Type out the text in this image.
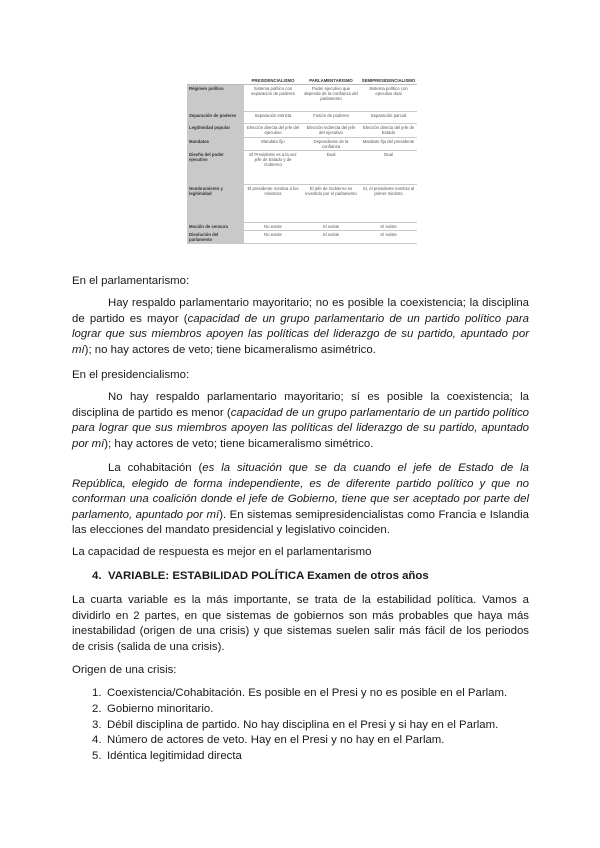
	PRESIDENCIALISMO	PARLAMENTARISMO	SEMIPRESIDENCIALISMO
Régimen político	Sistema político con separación de poderes	Poder ejecutivo que depende de la confianza del parlamento	Sistema político con ejecutivo dual
Separación de poderes	Separación estricta	Fusión de poderes	Separación parcial
Legitimidad popular	Elección directa del jefe del ejecutivo	Elección indirecta del jefe del ejecutivo	Elección directa del jefe de Estado
Mandatos	Mandato fijo	Dependiente de la confianza	Mandato fijo del presidente
Diseño del poder ejecutivo	El Presidente es a la vez jefe de Estado y de Gobierno	Dual	Dual
Nombramiento y legitimidad	El presidente nombra a los ministros	El jefe de Gobierno es investido por el parlamento	Sí, el presidente nombra al primer ministro
Moción de censura	No existe	Sí existe	Sí existe
Disolución del parlamento	No existe	Sí existe	Sí existe

En el parlamentarismo:

Hay respaldo parlamentario mayoritario; no es posible la coexistencia; la disciplina de partido es mayor (capacidad de un grupo parlamentario de un partido político para lograr que sus miembros apoyen las políticas del liderazgo de su partido, apuntado por mí); no hay actores de veto; tiene bicameralismo asimétrico.

En el presidencialismo:

No hay respaldo parlamentario mayoritario; sí es posible la coexistencia; la disciplina de partido es menor (capacidad de un grupo parlamentario de un partido político para lograr que sus miembros apoyen las políticas del liderazgo de su partido, apuntado por mí); hay actores de veto; tiene bicameralismo simétrico.

La cohabitación (es la situación que se da cuando el jefe de Estado de la República, elegido de forma independiente, es de diferente partido político y que no conforman una coalición donde el jefe de Gobierno, tiene que ser aceptado por parte del parlamento, apuntado por mí). En sistemas semipresidencialistas como Francia e Islandia las elecciones del mandato presidencial y legislativo coinciden.

La capacidad de respuesta es mejor en el parlamentarismo

4. VARIABLE: ESTABILIDAD POLÍTICA Examen de otros años

La cuarta variable es la más importante, se trata de la estabilidad política. Vamos a dividirlo en 2 partes, en que sistemas de gobiernos son más probables que haya más inestabilidad (origen de una crisis) y que sistemas suelen salir más fácil de los periodos de crisis (salida de una crisis).

Origen de una crisis:

1. Coexistencia/Cohabitación. Es posible en el Presi y no es posible en el Parlam.
2. Gobierno minoritario.
3. Débil disciplina de partido. No hay disciplina en el Presi y si hay en el Parlam.
4. Número de actores de veto. Hay en el Presi y no hay en el Parlam.
5. Idéntica legitimidad directa
